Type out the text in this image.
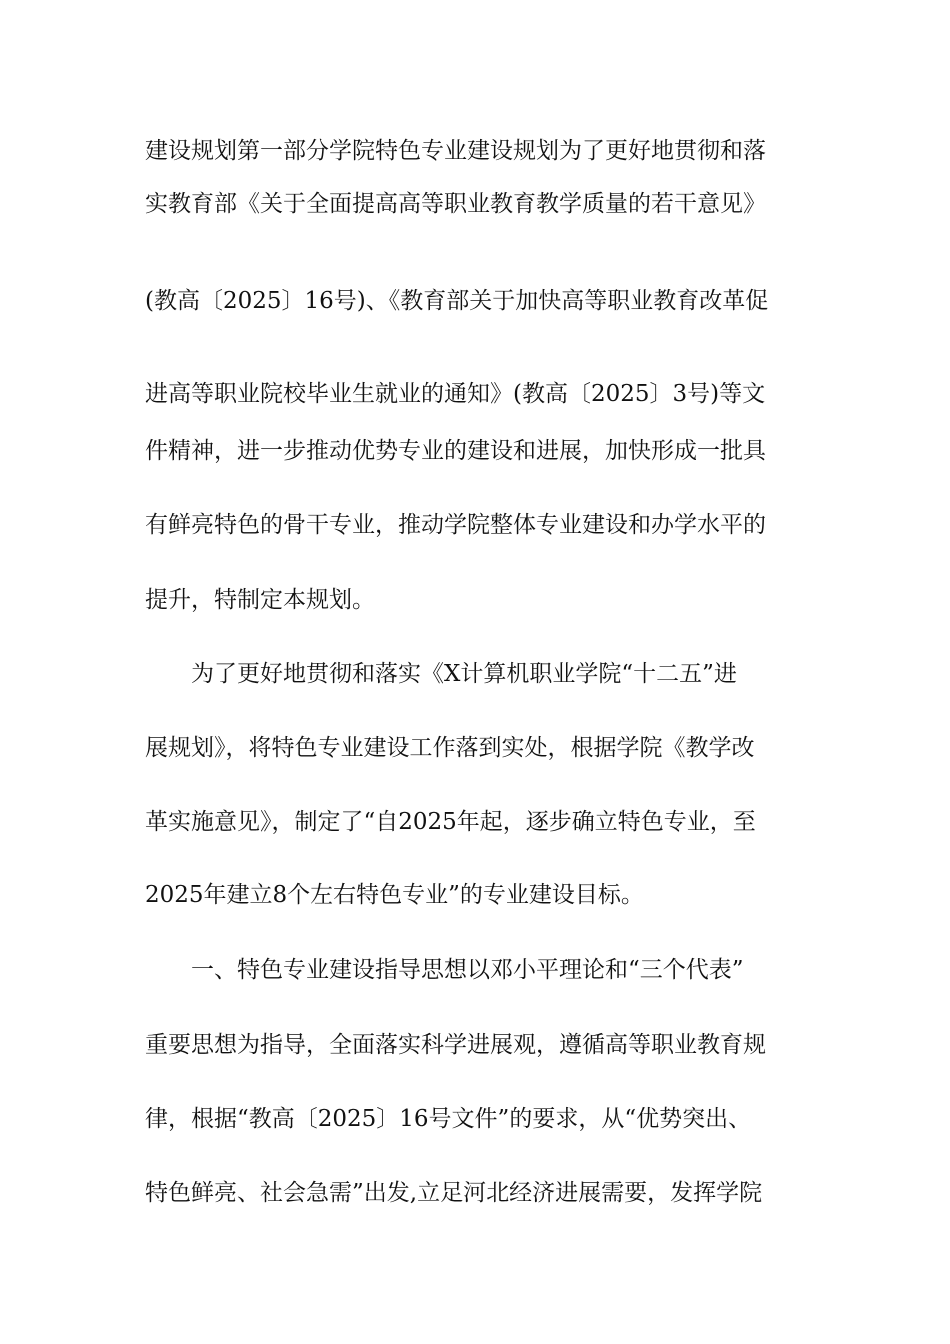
建设规划第一部分学院特色专业建设规划为了更好地贯彻和落
实教育部《关于全面提高高等职业教育教学质量的若干意见》
(教高〔2025〕16号)、《教育部关于加快高等职业教育改革促
进高等职业院校毕业生就业的通知》(教高〔2025〕3号)等文
件精神，进一步推动优势专业的建设和进展，加快形成一批具
有鲜亮特色的骨干专业，推动学院整体专业建设和办学水平的
提升，特制定本规划。
　　为了更好地贯彻和落实《X计算机职业学院“十二五”进
展规划》，将特色专业建设工作落到实处，根据学院《教学改
革实施意见》，制定了“自2025年起，逐步确立特色专业，至
2025年建立8个左右特色专业”的专业建设目标。
　　一、特色专业建设指导思想以邓小平理论和“三个代表”
重要思想为指导，全面落实科学进展观，遵循高等职业教育规
律，根据“教高〔2025〕16号文件”的要求，从“优势突出、
特色鲜亮、社会急需”出发,立足河北经济进展需要，发挥学院
